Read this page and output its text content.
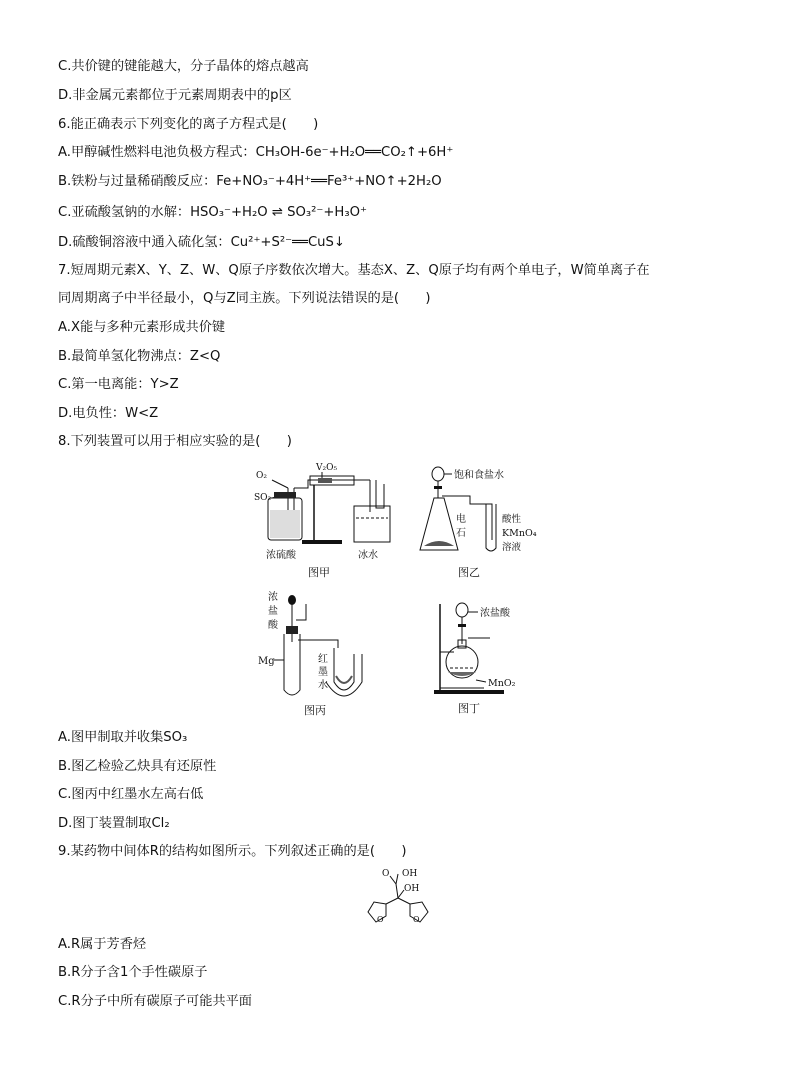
C.共价键的键能越大，分子晶体的熔点越高
D.非金属元素都位于元素周期表中的p区
6.能正确表示下列变化的离子方程式是(　　)
A.甲醇碱性燃料电池负极方程式：CH₃OH-6e⁻+H₂O══CO₂↑+6H⁺
B.铁粉与过量稀硝酸反应：Fe+NO₃⁻+4H⁺══Fe³⁺+NO↑+2H₂O
C.亚硫酸氢钠的水解：HSO₃⁻+H₂O ⇌ SO₃²⁻+H₃O⁺
D.硫酸铜溶液中通入硫化氢：Cu²⁺+S²⁻══CuS↓
7.短周期元素X、Y、Z、W、Q原子序数依次增大。基态X、Z、Q原子均有两个单电子，W简单离子在
同周期离子中半径最小，Q与Z同主族。下列说法错误的是(　　)
A.X能与多种元素形成共价键
B.最简单氢化物沸点：Z<Q
C.第一电离能：Y>Z
D.电负性：W<Z
8.下列装置可以用于相应实验的是(　　)
O₂
SO₂
V₂O₅
浓硫酸	冰水
图甲
饱和食盐水
电
石
酸性
KMnO₄
溶液
图乙
浓
盐
酸
Mg	红
墨
水
图丙
浓盐酸
MnO₂
图丁
A.图甲制取并收集SO₃
B.图乙检验乙炔具有还原性
C.图丙中红墨水左高右低
D.图丁装置制取Cl₂
9.某药物中间体R的结构如图所示。下列叙述正确的是(　　)
O OH
OH
O	O
A.R属于芳香烃
B.R分子含1个手性碳原子
C.R分子中所有碳原子可能共平面
